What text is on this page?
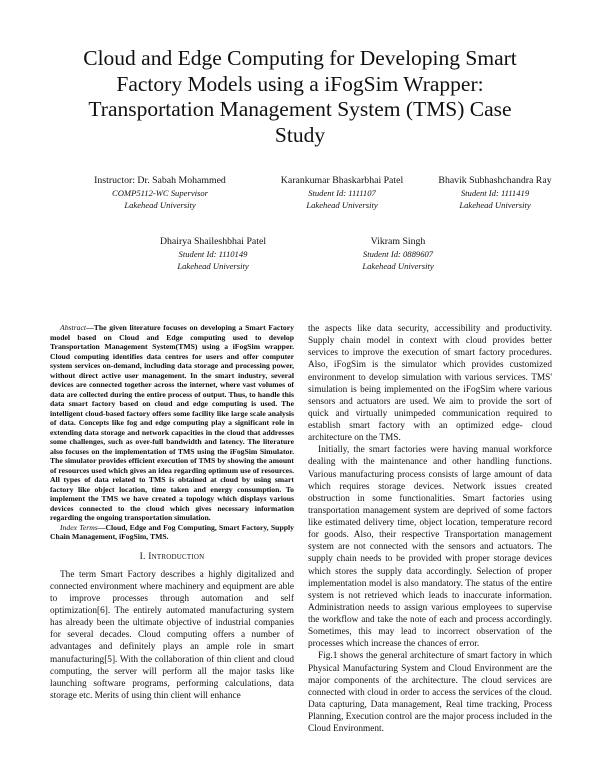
Cloud and Edge Computing for Developing Smart
Factory Models using a iFogSim Wrapper:
Transportation Management System (TMS) Case
Study
Instructor: Dr. Sabah Mohammed
COMP5112-WC Supervisor
Lakehead University
Karankumar Bhaskarbhai Patel
Student Id: 1111107
Lakehead University
Bhavik Subhashchandra Ray
Student Id: 1111419
Lakehead University
Dhairya Shaileshbhai Patel
Student Id: 1110149
Lakehead University
Vikram Singh
Student Id: 0889607
Lakehead University

Abstract—The given literature focuses on developing a Smart Factory model based on Cloud and Edge computing used to develop Transportation Management System(TMS) using a iFogSim wrapper. Cloud computing identifies data centres for users and offer computer system services on-demand, including data storage and processing power, without direct active user management. In the smart industry, several devices are connected together across the internet, where vast volumes of data are collected during the entire process of output. Thus, to handle this data smart factory based on cloud and edge computing is used. The intelligent cloud-based factory offers some facility like large scale analysis of data. Concepts like fog and edge computing play a significant role in extending data storage and network capacities in the cloud that addresses some challenges, such as over-full bandwidth and latency. The literature also focuses on the implementation of TMS using the iFogSim Simulator. The simulator provides efficient execution of TMS by showing the amount of resources used which gives an idea regarding optimum use of resources. All types of data related to TMS is obtained at cloud by using smart factory like object location, time taken and energy consumption. To implement the TMS we have created a topology which displays various devices connected to the cloud which gives necessary information regarding the ongoing transportation simulation.

Index Terms—Cloud, Edge and Fog Computing, Smart Factory, Supply Chain Management, iFogSim, TMS.

I. Introduction

The term Smart Factory describes a highly digitalized and connected environment where machinery and equipment are able to improve processes through automation and self optimization[6]. The entirely automated manufacturing system has already been the ultimate objective of industrial companies for several decades. Cloud computing offers a number of advantages and definitely plays an ample role in smart manufacturing[5]. With the collaboration of thin client and cloud computing, the server will perform all the major tasks like launching software programs, performing calculations, data storage etc. Merits of using thin client will enhance

the aspects like data security, accessibility and productivity. Supply chain model in context with cloud provides better services to improve the execution of smart factory procedures. Also, iFogSim is the simulator which provides customized environment to develop simulation with various services. TMS' simulation is being implemented on the iFogSim where various sensors and actuators are used. We aim to provide the sort of quick and virtually unimpeded communication required to establish smart factory with an optimized edge- cloud architecture on the TMS.

Initially, the smart factories were having manual workforce dealing with the maintenance and other handling functions. Various manufacturing process consists of large amount of data which requires storage devices. Network issues created obstruction in some functionalities. Smart factories using transportation management system are deprived of some factors like estimated delivery time, object location, temperature record for goods. Also, their respective Transportation management system are not connected with the sensors and actuators. The supply chain needs to be provided with proper storage devices which stores the supply data accordingly. Selection of proper implementation model is also mandatory. The status of the entire system is not retrieved which leads to inaccurate information. Administration needs to assign various employees to supervise the workflow and take the note of each and process accordingly. Sometimes, this may lead to incorrect observation of the processes which increase the chances of error.

Fig.1 shows the general architecture of smart factory in which Physical Manufacturing System and Cloud Environment are the major components of the architecture. The cloud services are connected with cloud in order to access the services of the cloud. Data capturing, Data management, Real time tracking, Process Planning, Execution control are the major process included in the Cloud Environment.
